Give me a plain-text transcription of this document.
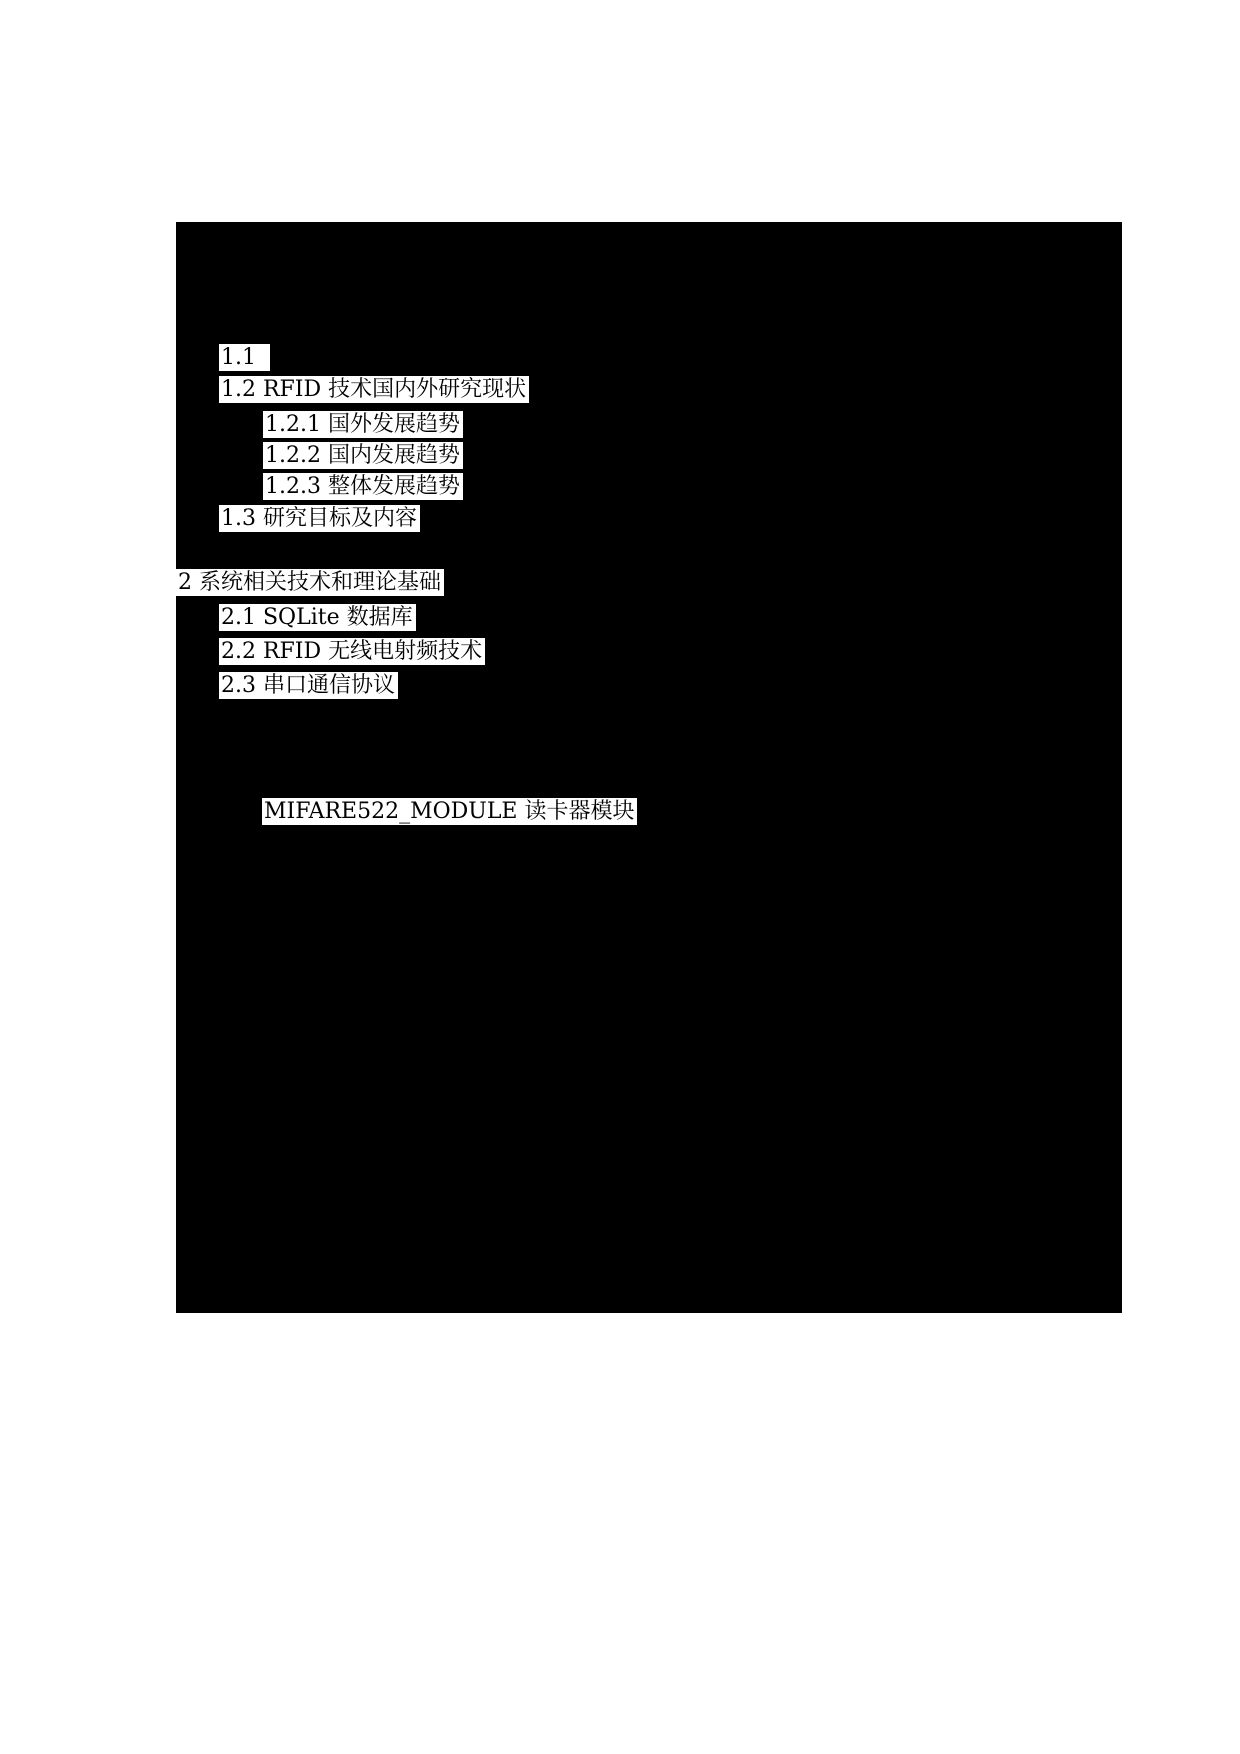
1.1
1.2 RFID 技术国内外研究现状
1.2.1 国外发展趋势
1.2.2 国内发展趋势
1.2.3 整体发展趋势
1.3 研究目标及内容
2 系统相关技术和理论基础
2.1 SQLite 数据库
2.2 RFID 无线电射频技术
2.3 串口通信协议
MIFARE522_MODULE 读卡器模块
